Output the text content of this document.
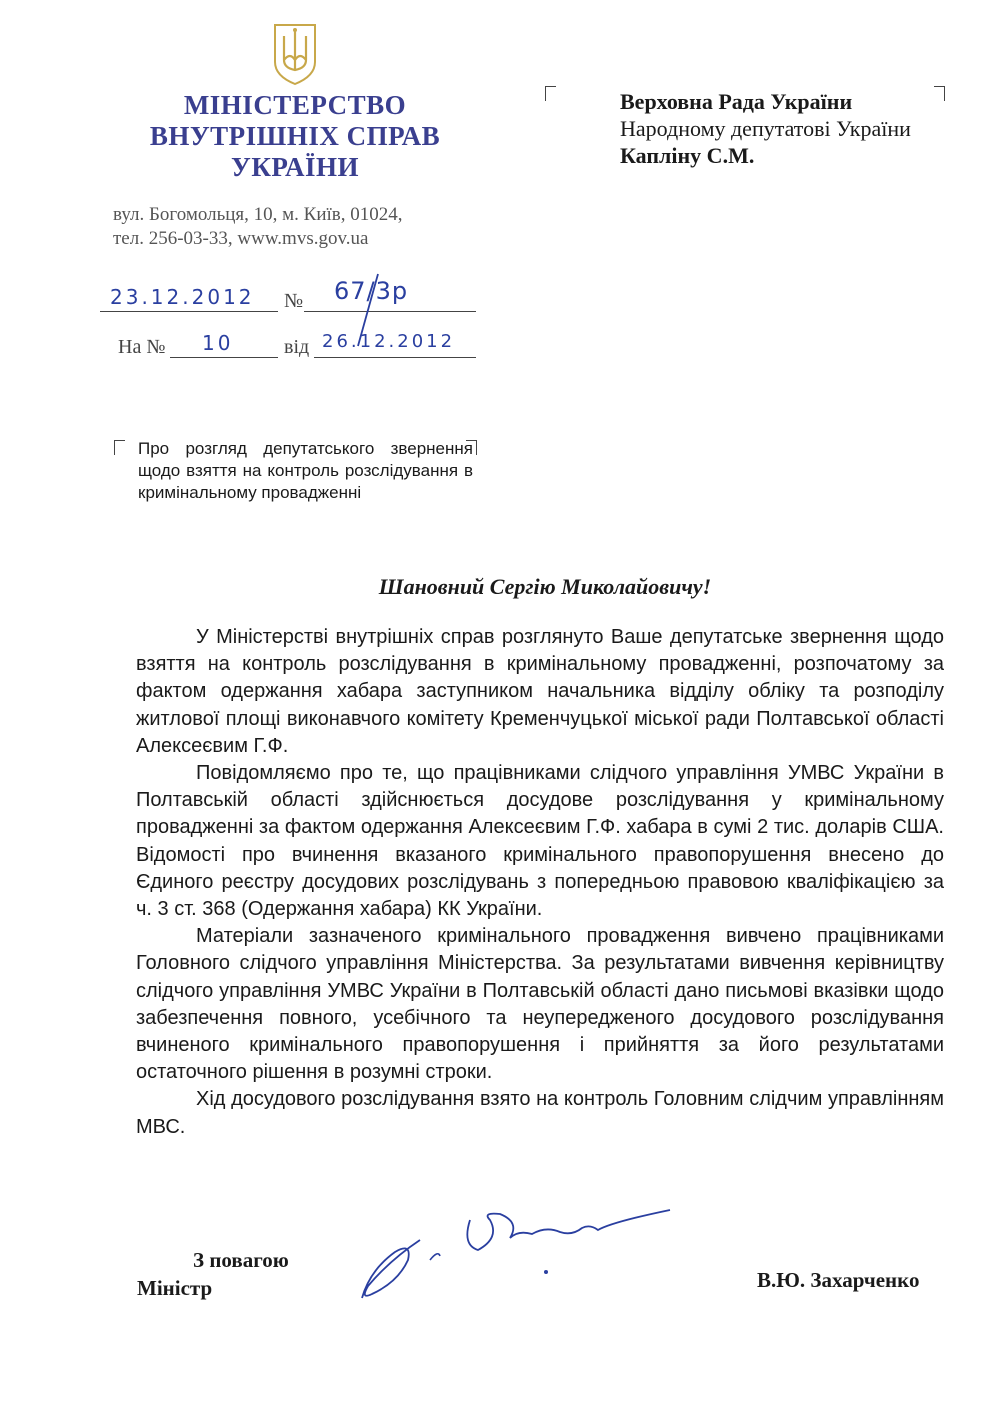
МІНІСТЕРСТВО
ВНУТРІШНІХ СПРАВ
УКРАЇНИ
вул. Богомольця, 10, м. Київ, 01024,
тел. 256-03-33, www.mvs.gov.ua
23.12.2012 № 67/3р
На № 10	від 26.12.2012
Верховна Рада України
Народному депутатові України
Капліну С.М.
Про розгляд депутатського звернення щодо взяття на контроль розслідування в кримінальному провадженні
Шановний Сергію Миколайовичу!

У Міністерстві внутрішніх справ розглянуто Ваше депутатське звернення щодо взяття на контроль розслідування в кримінальному провадженні, розпочатому за фактом одержання хабара заступником начальника відділу обліку та розподілу житлової площі виконавчого комітету Кременчуцької міської ради Полтавської області Алексеєвим Г.Ф.

Повідомляємо про те, що працівниками слідчого управління УМВС України в Полтавській області здійснюється досудове розслідування у кримінальному провадженні за фактом одержання Алексеєвим Г.Ф. хабара в сумі 2 тис. доларів США. Відомості про вчинення вказаного кримінального правопорушення внесено до Єдиного реєстру досудових розслідувань з попередньою правовою кваліфікацією за ч. 3 ст. 368 (Одержання хабара) КК України.

Матеріали зазначеного кримінального провадження вивчено працівниками Головного слідчого управління Міністерства. За результатами вивчення керівництву слідчого управління УМВС України в Полтавській області дано письмові вказівки щодо забезпечення повного, усебічного та неупередженого досудового розслідування вчиненого кримінального правопорушення і прийняття за його результатами остаточного рішення в розумні строки.

Хід досудового розслідування взято на контроль Головним слідчим управлінням МВС.

З повагою
Міністр	В.Ю. Захарченко
